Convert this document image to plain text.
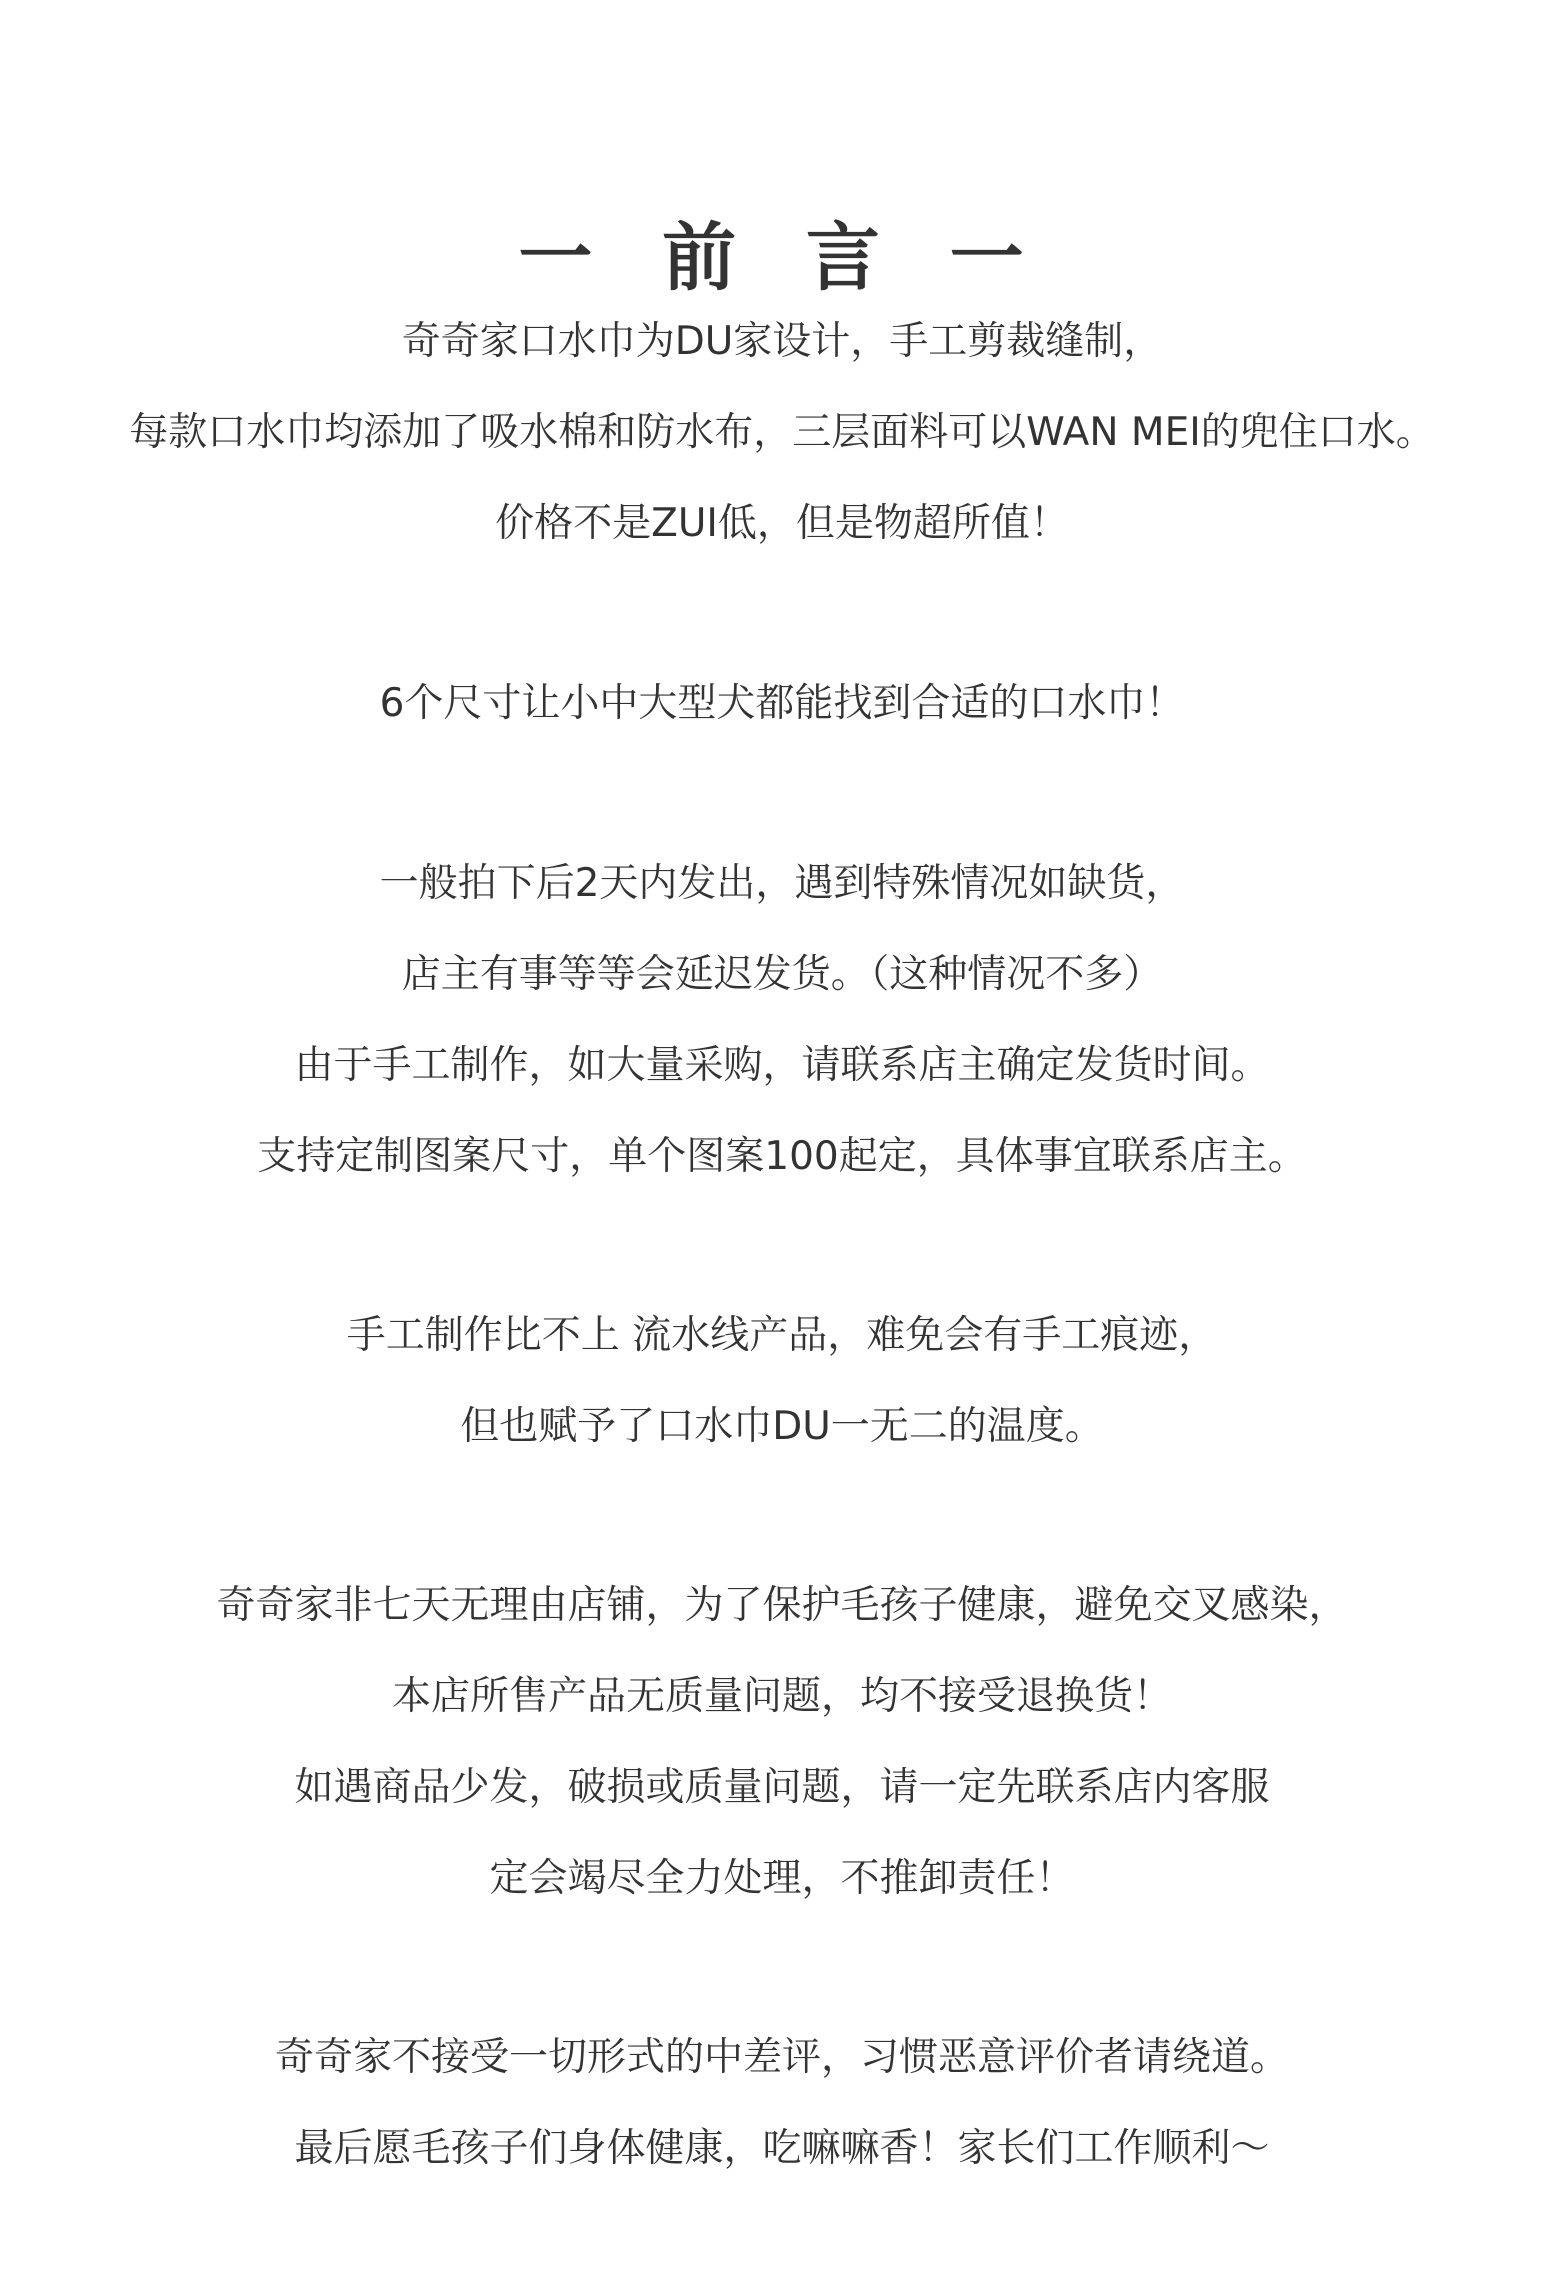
一 前 言 一
奇奇家口水巾为DU家设计，手工剪裁缝制，
每款口水巾均添加了吸水棉和防水布，三层面料可以WAN MEI的兜住口水。
价格不是ZUI低，但是物超所值！
6个尺寸让小中大型犬都能找到合适的口水巾！
一般拍下后2天内发出，遇到特殊情况如缺货，
店主有事等等会延迟发货。（这种情况不多）
由于手工制作，如大量采购，请联系店主确定发货时间。
支持定制图案尺寸，单个图案100起定，具体事宜联系店主。
手工制作比不上 流水线产品，难免会有手工痕迹，
但也赋予了口水巾DU一无二的温度。
奇奇家非七天无理由店铺，为了保护毛孩子健康，避免交叉感染，
本店所售产品无质量问题，均不接受退换货！
如遇商品少发，破损或质量问题，请一定先联系店内客服
定会竭尽全力处理，不推卸责任！
奇奇家不接受一切形式的中差评，习惯恶意评价者请绕道。
最后愿毛孩子们身体健康，吃嘛嘛香！家长们工作顺利～
